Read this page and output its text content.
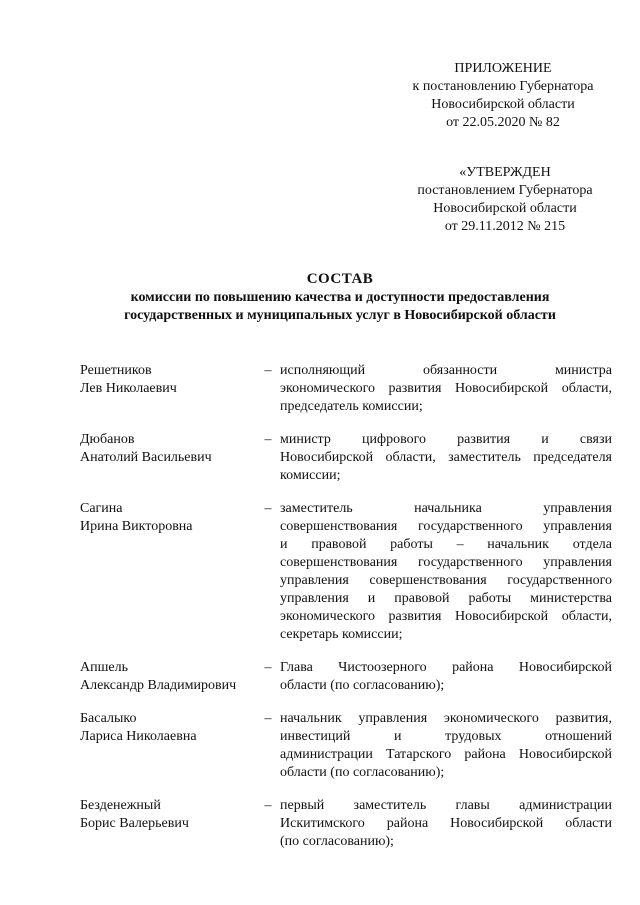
ПРИЛОЖЕНИЕ
к постановлению Губернатора
Новосибирской области
от 22.05.2020 № 82
«УТВЕРЖДЕН
постановлением Губернатора
Новосибирской области
от 29.11.2012 № 215
СОСТАВ
комиссии по повышению качества и доступности предоставления
государственных и муниципальных услуг в Новосибирской области
Решетников
Лев Николаевич
– исполняющий обязанности министра
экономического развития Новосибирской области,
председатель комиссии;
Дюбанов
Анатолий Васильевич
– министр цифрового развития и связи
Новосибирской области, заместитель председателя
комиссии;
Сагина
Ирина Викторовна
– заместитель начальника управления
совершенствования государственного управления
и правовой работы – начальник отдела
совершенствования государственного управления
управления совершенствования государственного
управления и правовой работы министерства
экономического развития Новосибирской области,
секретарь комиссии;
Апшель
Александр Владимирович
– Глава Чистоозерного района Новосибирской
области (по согласованию);
Басалыко
Лариса Николаевна
– начальник управления экономического развития,
инвестиций и трудовых отношений
администрации Татарского района Новосибирской
области (по согласованию);
Безденежный
Борис Валерьевич
– первый заместитель главы администрации
Искитимского района Новосибирской области
(по согласованию);
